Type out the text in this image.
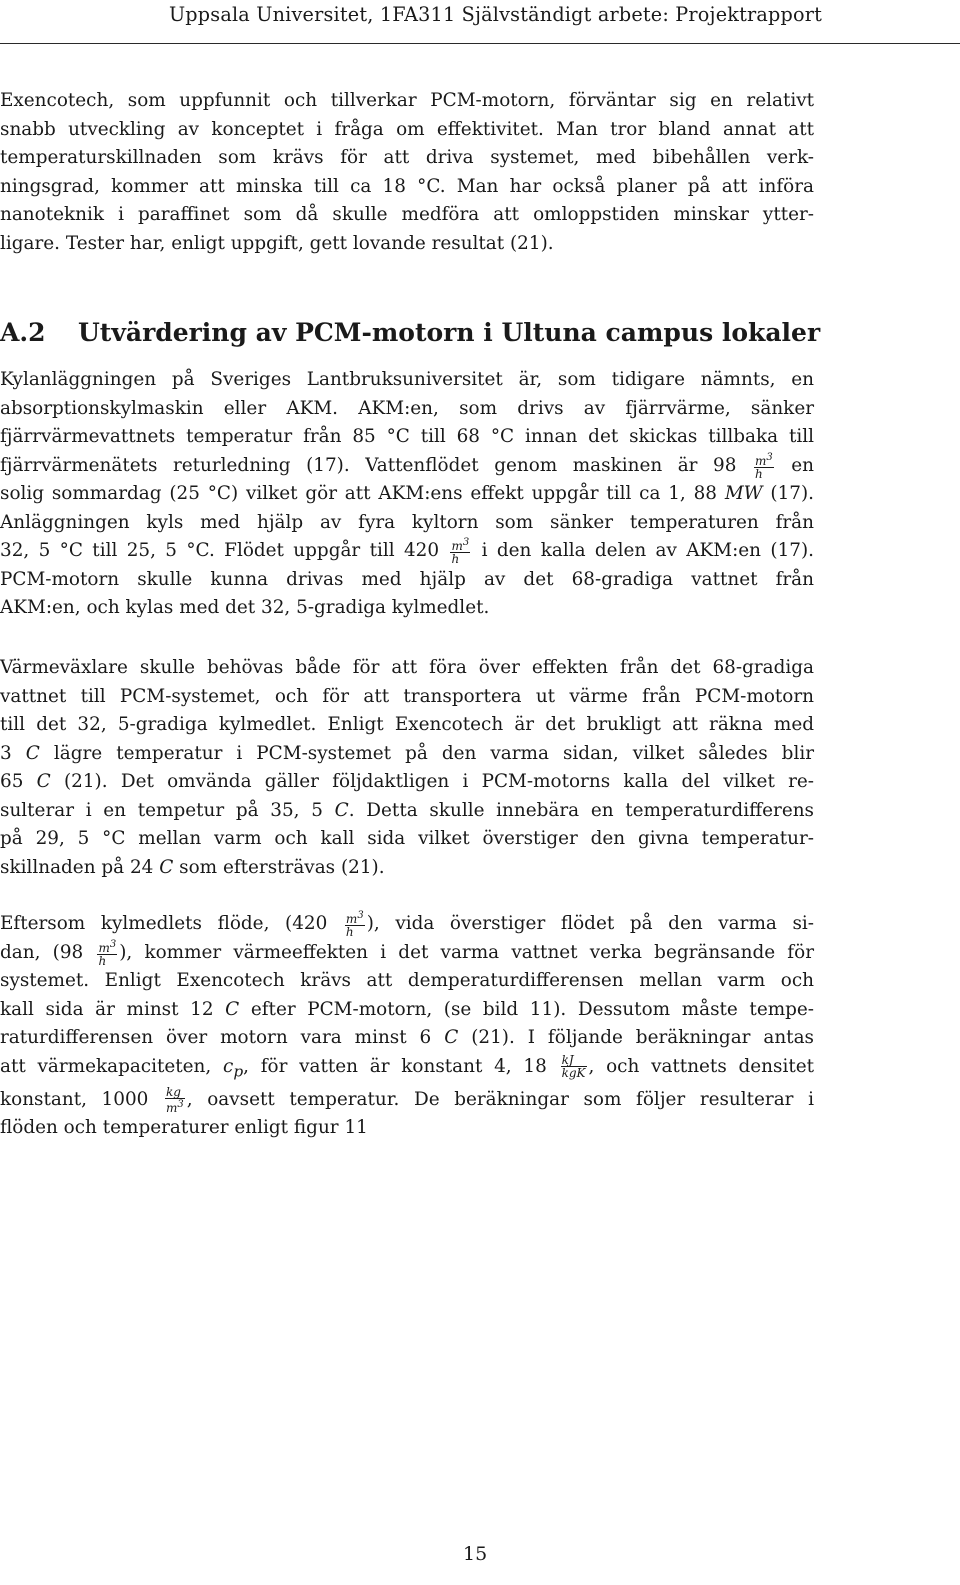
Uppsala Universitet, 1FA311 Självständigt arbete: Projektrapport
Exencotech, som uppfunnit och tillverkar PCM-motorn, förväntar sig en relativt
snabb utveckling av konceptet i fråga om effektivitet. Man tror bland annat att
temperaturskillnaden som krävs för att driva systemet, med bibehållen verk-
ningsgrad, kommer att minska till ca 18 °C. Man har också planer på att införa
nanoteknik i paraffinet som då skulle medföra att omloppstiden minskar ytter-
ligare. Tester har, enligt uppgift, gett lovande resultat (21).
A.2 Utvärdering av PCM-motorn i Ultuna campus lokaler
Kylanläggningen på Sveriges Lantbruksuniversitet är, som tidigare nämnts, en
absorptionskylmaskin eller AKM. AKM:en, som drivs av fjärrvärme, sänker
fjärrvärmevattnets temperatur från 85 °C till 68 °C innan det skickas tillbaka till
fjärrvärmenätets returledning (17). Vattenflödet genom maskinen är $98 \frac{m^3}{h}$ en
solig sommardag (25 °C) vilket gör att AKM:ens effekt uppgår till ca 1, 88 MW (17).
Anläggningen kyls med hjälp av fyra kyltorn som sänker temperaturen från
32, 5 °C till 25, 5 °C. Flödet uppgår till $420 \frac{m^3}{h}$ i den kalla delen av AKM:en (17).
PCM-motorn skulle kunna drivas med hjälp av det 68-gradiga vattnet från
AKM:en, och kylas med det 32, 5-gradiga kylmedlet.
Värmeväxlare skulle behövas både för att föra över effekten från det 68-gradiga
vattnet till PCM-systemet, och för att transportera ut värme från PCM-motorn
till det 32, 5-gradiga kylmedlet. Enligt Exencotech är det brukligt att räkna med
3 C lägre temperatur i PCM-systemet på den varma sidan, vilket således blir
65 C (21). Det omvända gäller följdaktligen i PCM-motorns kalla del vilket re-
sulterar i en tempetur på 35, 5 C. Detta skulle innebära en temperaturdifferens
på 29, 5 °C mellan varm och kall sida vilket överstiger den givna temperatur-
skillnaden på 24 C som eftersträvas (21).
Eftersom kylmedlets flöde, ($420 \frac{m^3}{h}$ ), vida överstiger flödet på den varma si-
dan, ($98 \frac{m^3}{h}$ ), kommer värmeeffekten i det varma vattnet verka begränsande för
systemet. Enligt Exencotech krävs att demperaturdifferensen mellan varm och
kall sida är minst 12 C efter PCM-motorn, (se bild 11). Dessutom måste tempe-
raturdifferensen över motorn vara minst 6 C (21). I följande beräkningar antas
att värmekapaciteten, $c_p$, för vatten är konstant 4, $18 \frac{kJ}{\text{kgK}}$ , och vattnets densitet
konstant, $1000 \frac{kg}{m^3}$ , oavsett temperatur. De beräkningar som följer resulterar i
flöden och temperaturer enligt figur 11
15
